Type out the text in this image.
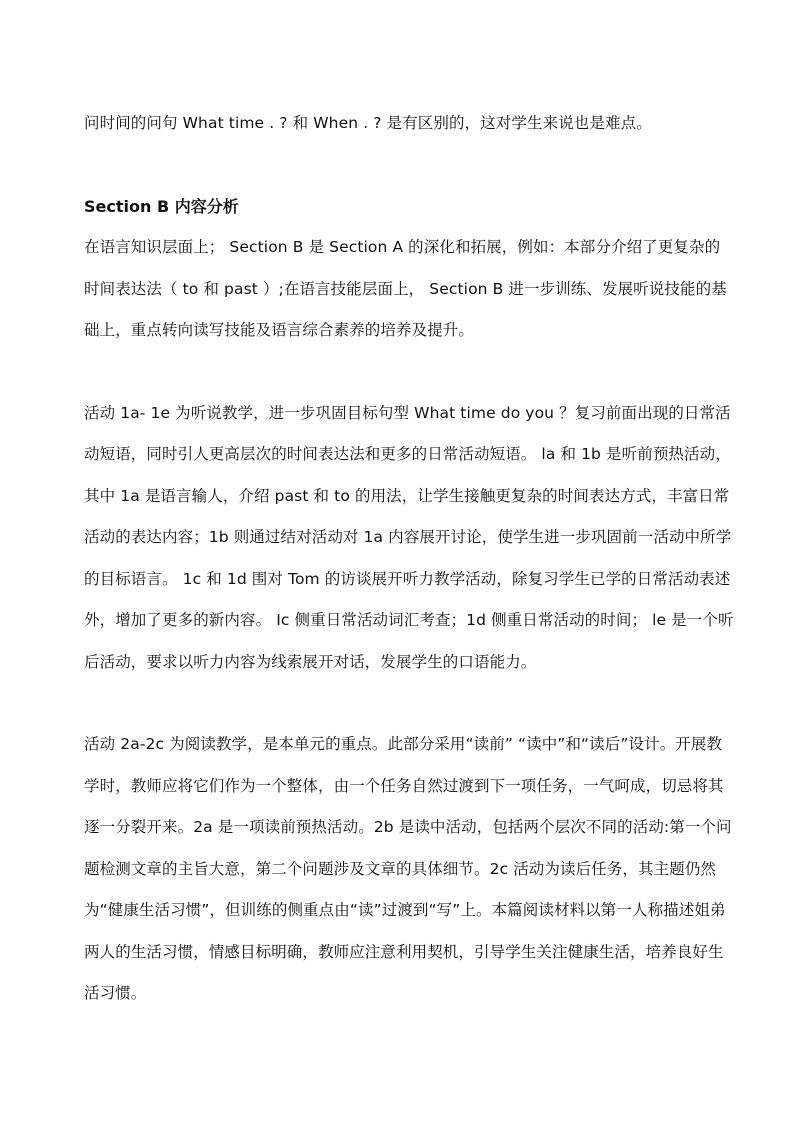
问时间的问句 What time . ? 和 When . ? 是有区别的，这对学生来说也是难点。

Section B 内容分析

在语言知识层面上； Section B 是 Section A 的深化和拓展，例如：本部分介绍了更复杂的时间表达法（ to 和 past ）;在语言技能层面上， Section B 进一步训练、发展听说技能的基础上，重点转向读写技能及语言综合素养的培养及提升。

活动 1a- 1e 为听说教学，进一步巩固目标句型 What time do you ？复习前面出现的日常活动短语，同时引人更高层次的时间表达法和更多的日常活动短语。 la 和 1b 是听前预热活动，其中 1a 是语言输人，介绍 past 和 to 的用法，让学生接触更复杂的时间表达方式，丰富日常活动的表达内容；1b 则通过结对活动对 1a 内容展开讨论，使学生进一步巩固前一活动中所学的目标语言。 1c 和 1d 围对 Tom 的访谈展开听力教学活动，除复习学生已学的日常活动表述外，增加了更多的新内容。 Ic 侧重日常活动词汇考查；1d 侧重日常活动的时间； le 是一个听后活动，要求以听力内容为线索展开对话，发展学生的口语能力。

活动 2a-2c 为阅读教学，是本单元的重点。此部分采用“读前” “读中”和“读后”设计。开展教学时，教师应将它们作为一个整体，由一个任务自然过渡到下一项任务，一气呵成，切忌将其逐一分裂开来。2a 是一项读前预热活动。2b 是读中活动，包括两个层次不同的活动:第一个问题检测文章的主旨大意，第二个问题涉及文章的具体细节。2c 活动为读后任务，其主题仍然为“健康生活习惯”，但训练的侧重点由“读”过渡到“写”上。本篇阅读材料以第一人称描述姐弟两人的生活习惯，情感目标明确，教师应注意利用契机，引导学生关注健康生活，培养良好生活习惯。
